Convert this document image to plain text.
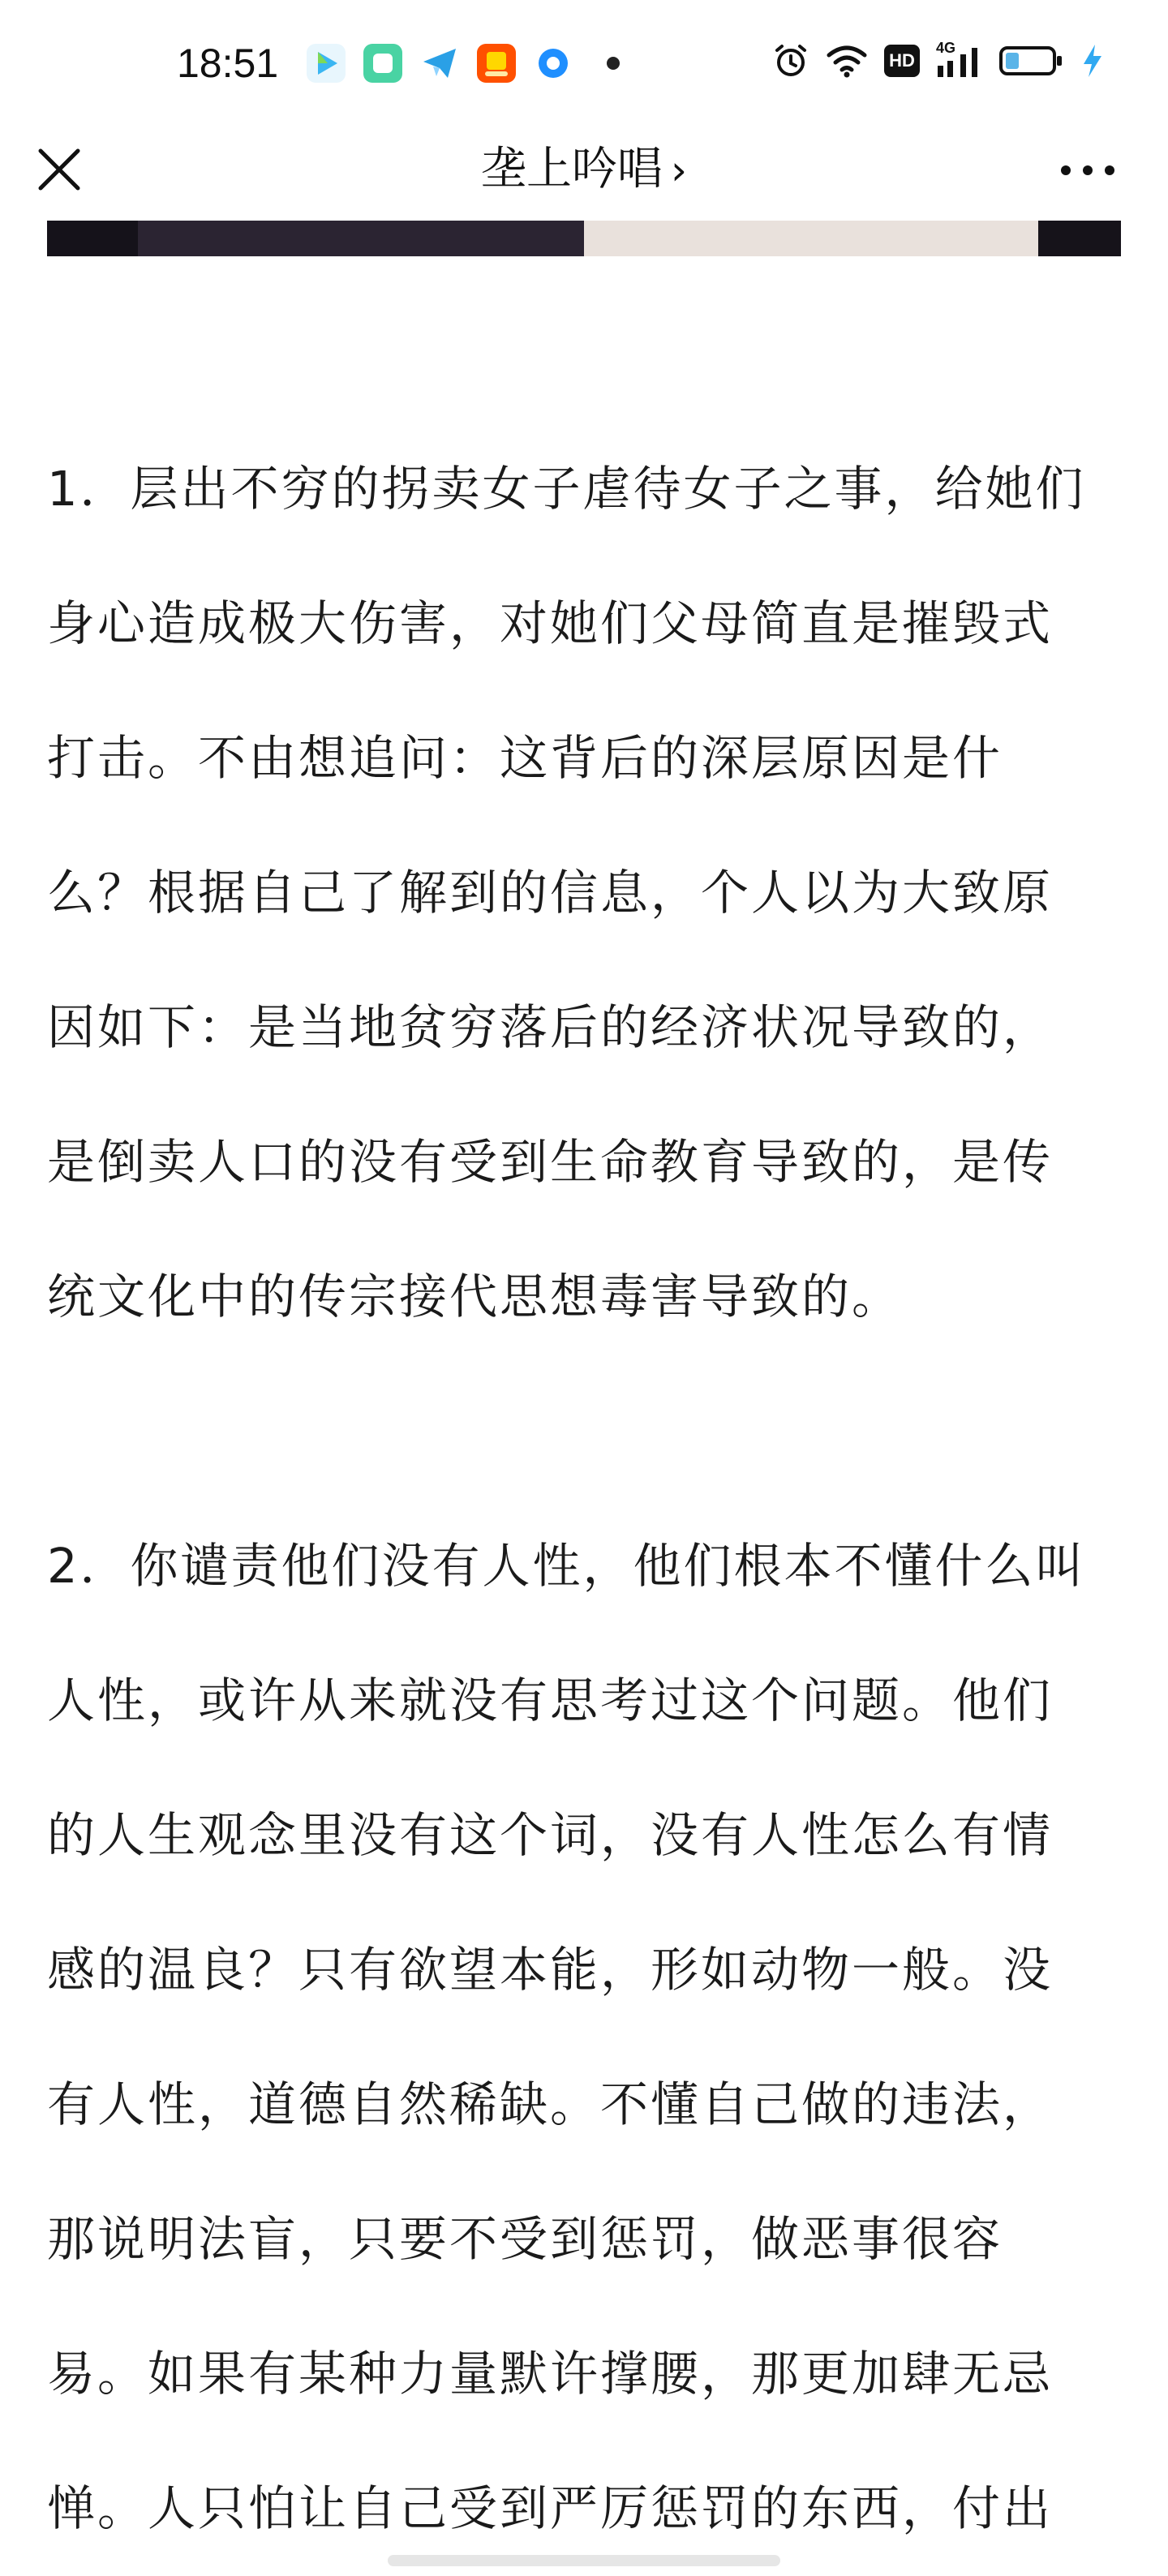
18:51	HD
4G
垄上吟唱 ›

1．层出不穷的拐卖女子虐待女子之事，给她们

身心造成极大伤害，对她们父母简直是摧毁式

打击。不由想追问：这背后的深层原因是什

么？根据自己了解到的信息，个人以为大致原

因如下：是当地贫穷落后的经济状况导致的，

是倒卖人口的没有受到生命教育导致的，是传

统文化中的传宗接代思想毒害导致的。

2．你谴责他们没有人性，他们根本不懂什么叫

人性，或许从来就没有思考过这个问题。他们

的人生观念里没有这个词，没有人性怎么有情

感的温良？只有欲望本能，形如动物一般。没

有人性，道德自然稀缺。不懂自己做的违法，

那说明法盲，只要不受到惩罚，做恶事很容

易。如果有某种力量默许撑腰，那更加肆无忌

惮。人只怕让自己受到严厉惩罚的东西，付出
